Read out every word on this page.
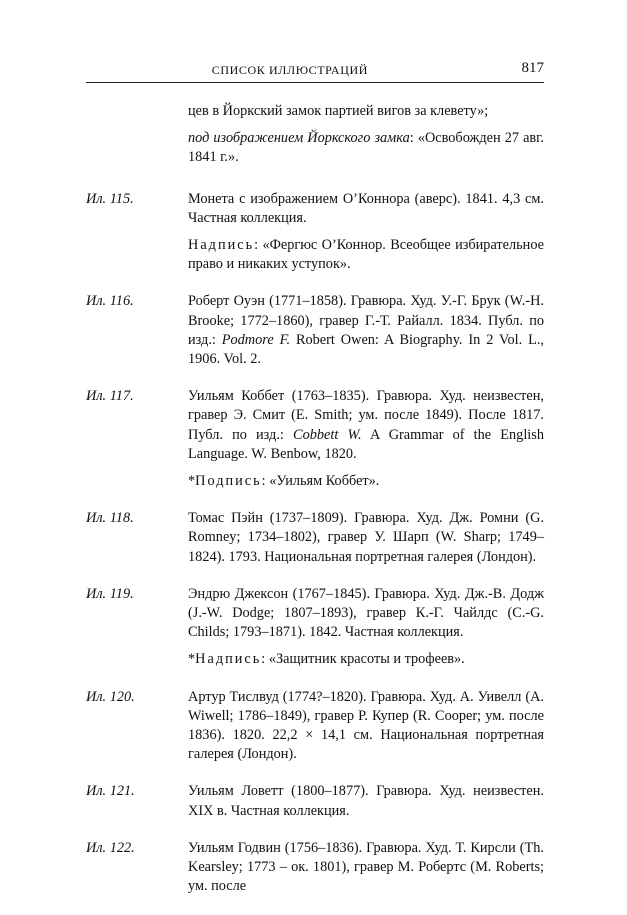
СПИСОК ИЛЛЮСТРАЦИЙ	817

цев в Йоркский замок партией вигов за клевету»;

под изображением Йоркского замка: «Освобожден 27 авг. 1841 г.».

Ил. 115.	Монета с изображением О’Коннора (аверс). 1841. 4,3 см. Частная коллекция.

Надпись: «Фергюс О’Коннор. Всеобщее избирательное право и никаких уступок».

Ил. 116.	Роберт Оуэн (1771–1858). Гравюра. Худ. У.-Г. Брук (W.-H. Brooke; 1772–1860), гравер Г.-Т. Райалл. 1834. Публ. по изд.: Podmore F. Robert Owen: A Biography. In 2 Vol. L., 1906. Vol. 2.

Ил. 117.	Уильям Коббет (1763–1835). Гравюра. Худ. неизвестен, гравер Э. Смит (E. Smith; ум. после 1849). После 1817. Публ. по изд.: Cobbett W. A Grammar of the English Language. W. Benbow, 1820.

*Подпись: «Уильям Коббет».

Ил. 118.	Томас Пэйн (1737–1809). Гравюра. Худ. Дж. Ромни (G. Romney; 1734–1802), гравер У. Шарп (W. Sharp; 1749–1824). 1793. Национальная портретная галерея (Лондон).

Ил. 119.	Эндрю Джексон (1767–1845). Гравюра. Худ. Дж.-В. Додж (J.-W. Dodge; 1807–1893), гравер К.-Г. Чайлдс (C.-G. Childs; 1793–1871). 1842. Частная коллекция.

*Надпись: «Защитник красоты и трофеев».

Ил. 120.	Артур Тислвуд (1774?–1820). Гравюра. Худ. А. Уивелл (A. Wiwell; 1786–1849), гравер Р. Купер (R. Cooper; ум. после 1836). 1820. 22,2 × 14,1 см. Национальная портретная галерея (Лондон).

Ил. 121.	Уильям Ловетт (1800–1877). Гравюра. Худ. неизвестен. XIX в. Частная коллекция.

Ил. 122.	Уильям Годвин (1756–1836). Гравюра. Худ. Т. Кирсли (Th. Kearsley; 1773 – ок. 1801), гравер М. Робертс (M. Roberts; ум. после
